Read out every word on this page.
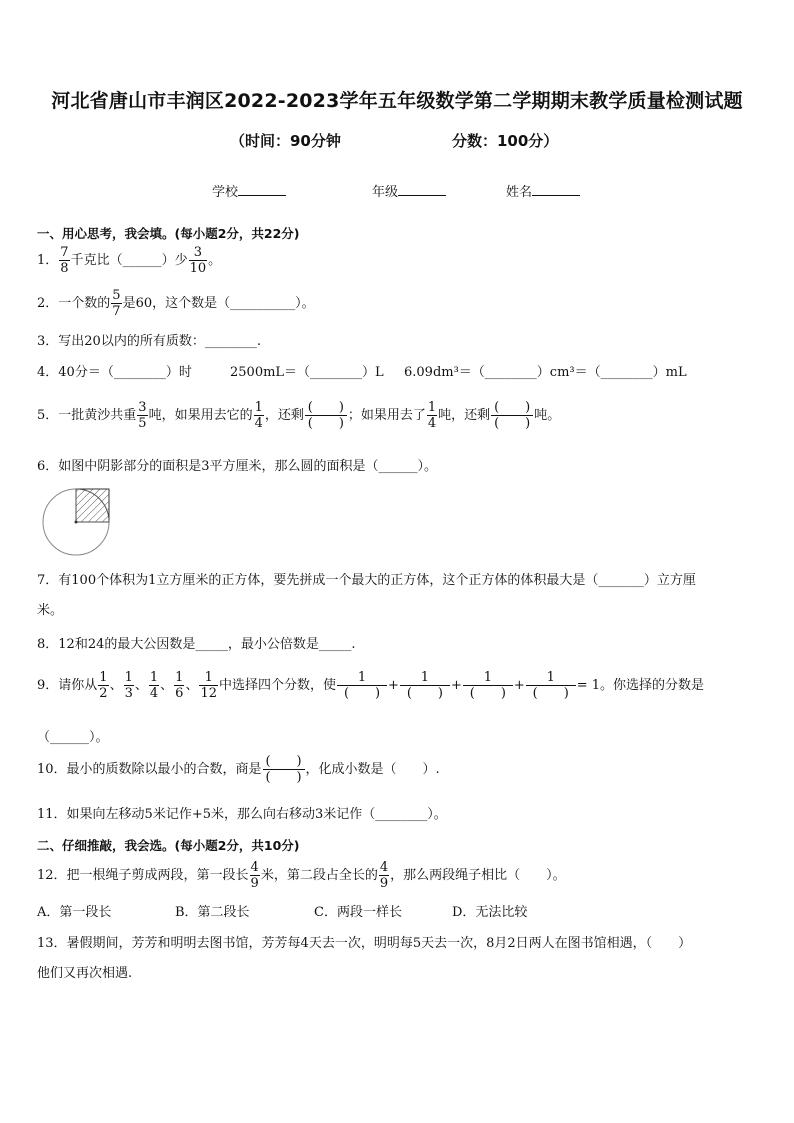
河北省唐山市丰润区2022-2023学年五年级数学第二学期期末教学质量检测试题
（时间：90分钟	分数：100分）
学校	年级	姓名
一、用心思考，我会填。(每小题2分，共22分)
1． $\frac{7}{8}$ 千克比（______）少 $\frac{3}{10}$ 。
2．一个数的 $\frac{5}{7}$ 是60，这个数是（__________）。
3．写出20以内的所有质数：________.
4．40分＝（________）时	2500mL＝（________）L 6.09dm³＝（________）cm³＝（________）mL
5．一批黄沙共重 $\frac{3}{5}$ 吨，如果用去它的 $\frac{1}{4}$ ，还剩
(　　)
(　　)
；如果用去了 $\frac{1}{4}$ 吨，还剩
(　　)
(　　)
吨。
6．如图中阴影部分的面积是3平方厘米，那么圆的面积是（______）。
7．有100个体积为1立方厘米的正方体，要先拼成一个最大的正方体，这个正方体的体积最大是（_______）立方厘
米。
8．12和24的最大公因数是_____，最小公倍数是_____.
9．请你从 $\frac{1}{2}$ 、 $\frac{1}{3}$ 、 $\frac{1}{4}$ 、 $\frac{1}{6}$ 、 $\frac{1}{12}$ 中选择四个分数，使
1
(　　)
+
1
(　　)
+
1
(　　)
+
1
(　　)
= 1。你选择的分数是
（______）。
10．最小的质数除以最小的合数，商是
(　　)
(　　)
，化成小数是（　　）.
11．如果向左移动5米记作+5米，那么向右移动3米记作（________）。
二、仔细推敲，我会选。(每小题2分，共10分)
12．把一根绳子剪成两段，第一段长 $\frac{4}{9}$ 米，第二段占全长的 $\frac{4}{9}$ ，那么两段绳子相比（　　）。
A．第一段长	B．第二段长	C．两段一样长	D．无法比较
13．暑假期间，芳芳和明明去图书馆，芳芳每4天去一次，明明每5天去一次，8月2日两人在图书馆相遇，（　　）
他们又再次相遇.
